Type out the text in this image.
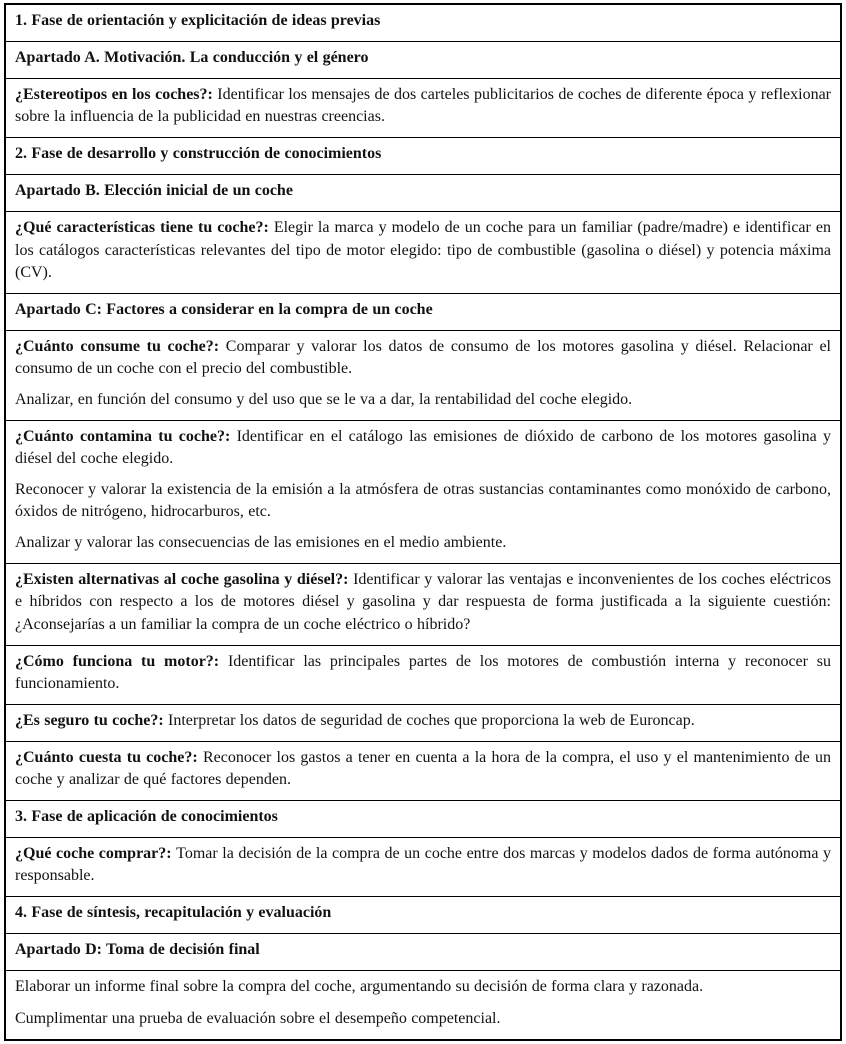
1. Fase de orientación y explicitación de ideas previas
Apartado A. Motivación. La conducción y el género

¿Estereotipos en los coches?: Identificar los mensajes de dos carteles publicitarios de coches de diferente época y reflexionar sobre la influencia de la publicidad en nuestras creencias.

2. Fase de desarrollo y construcción de conocimientos
Apartado B. Elección inicial de un coche

¿Qué características tiene tu coche?: Elegir la marca y modelo de un coche para un familiar (padre/madre) e identificar en los catálogos características relevantes del tipo de motor elegido: tipo de combustible (gasolina o diésel) y potencia máxima (CV).

Apartado C: Factores a considerar en la compra de un coche

¿Cuánto consume tu coche?: Comparar y valorar los datos de consumo de los motores gasolina y diésel. Relacionar el consumo de un coche con el precio del combustible.

Analizar, en función del consumo y del uso que se le va a dar, la rentabilidad del coche elegido.

¿Cuánto contamina tu coche?: Identificar en el catálogo las emisiones de dióxido de carbono de los motores gasolina y diésel del coche elegido.

Reconocer y valorar la existencia de la emisión a la atmósfera de otras sustancias contaminantes como monóxido de carbono, óxidos de nitrógeno, hidrocarburos, etc.

Analizar y valorar las consecuencias de las emisiones en el medio ambiente.

¿Existen alternativas al coche gasolina y diésel?: Identificar y valorar las ventajas e inconvenientes de los coches eléctricos e híbridos con respecto a los de motores diésel y gasolina y dar respuesta de forma justificada a la siguiente cuestión: ¿Aconsejarías a un familiar la compra de un coche eléctrico o híbrido?

¿Cómo funciona tu motor?: Identificar las principales partes de los motores de combustión interna y reconocer su funcionamiento.

¿Es seguro tu coche?: Interpretar los datos de seguridad de coches que proporciona la web de Euroncap.

¿Cuánto cuesta tu coche?: Reconocer los gastos a tener en cuenta a la hora de la compra, el uso y el mantenimiento de un coche y analizar de qué factores dependen.

3. Fase de aplicación de conocimientos

¿Qué coche comprar?: Tomar la decisión de la compra de un coche entre dos marcas y modelos dados de forma autónoma y responsable.

4. Fase de síntesis, recapitulación y evaluación
Apartado D: Toma de decisión final

Elaborar un informe final sobre la compra del coche, argumentando su decisión de forma clara y razonada.

Cumplimentar una prueba de evaluación sobre el desempeño competencial.
